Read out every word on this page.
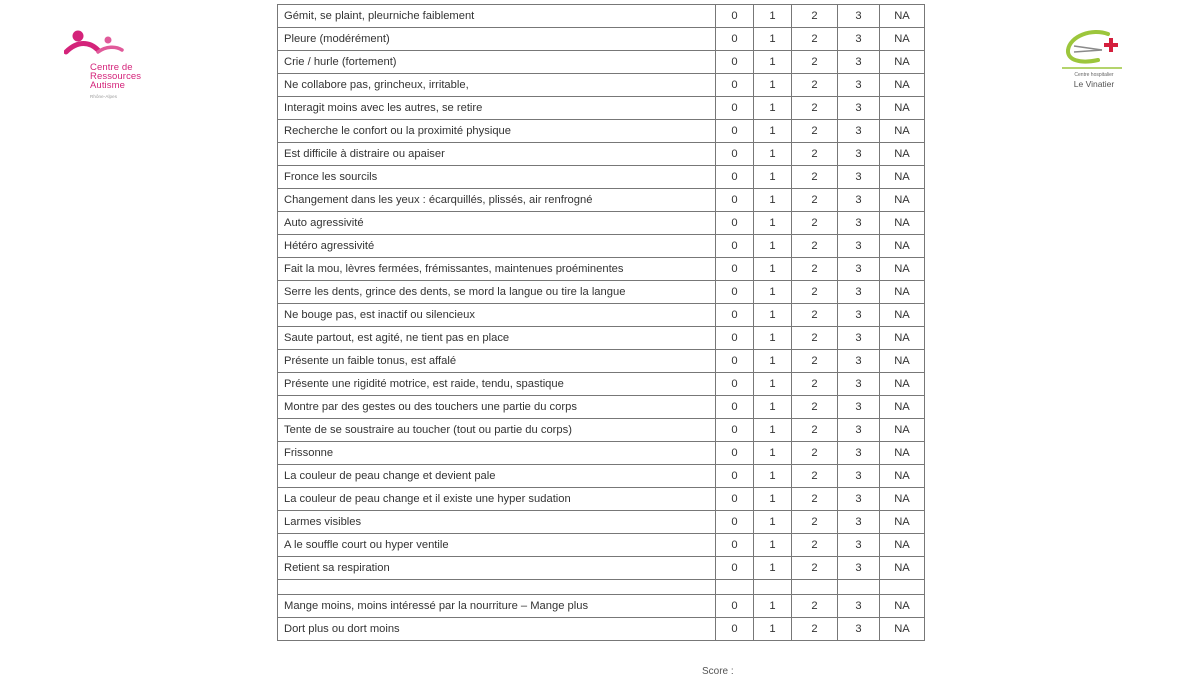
Centre de
Ressources
Autisme
Rhône-Alpes
Centre hospitalier
Le Vinatier
Gémit, se plaint, pleurniche faiblement	0	1	2	3	NA
Pleure (modérément)	0	1	2	3	NA
Crie / hurle (fortement)	0	1	2	3	NA
Ne collabore pas, grincheux, irritable,	0	1	2	3	NA
Interagit moins avec les autres, se retire	0	1	2	3	NA
Recherche le confort ou la proximité physique	0	1	2	3	NA
Est difficile à distraire ou apaiser	0	1	2	3	NA
Fronce les sourcils	0	1	2	3	NA
Changement dans les yeux : écarquillés, plissés, air renfrogné	0	1	2	3	NA
Auto agressivité	0	1	2	3	NA
Hétéro agressivité	0	1	2	3	NA
Fait la mou, lèvres fermées, frémissantes, maintenues proéminentes	0	1	2	3	NA
Serre les dents, grince des dents, se mord la langue ou tire la langue	0	1	2	3	NA
Ne bouge pas, est inactif ou silencieux	0	1	2	3	NA
Saute partout, est agité, ne tient pas en place	0	1	2	3	NA
Présente un faible tonus, est affalé	0	1	2	3	NA
Présente une rigidité motrice, est raide, tendu, spastique	0	1	2	3	NA
Montre par des gestes ou des touchers une partie du corps	0	1	2	3	NA
Tente de se soustraire au toucher (tout ou partie du corps)	0	1	2	3	NA
Frissonne	0	1	2	3	NA
La couleur de peau change et devient pale	0	1	2	3	NA
La couleur de peau change et il existe une hyper sudation	0	1	2	3	NA
Larmes visibles	0	1	2	3	NA
A le souffle court ou hyper ventile	0	1	2	3	NA
Retient sa respiration	0	1	2	3	NA

Mange moins, moins intéressé par la nourriture – Mange plus	0	1	2	3	NA
Dort plus ou dort moins	0	1	2	3	NA
Score :
